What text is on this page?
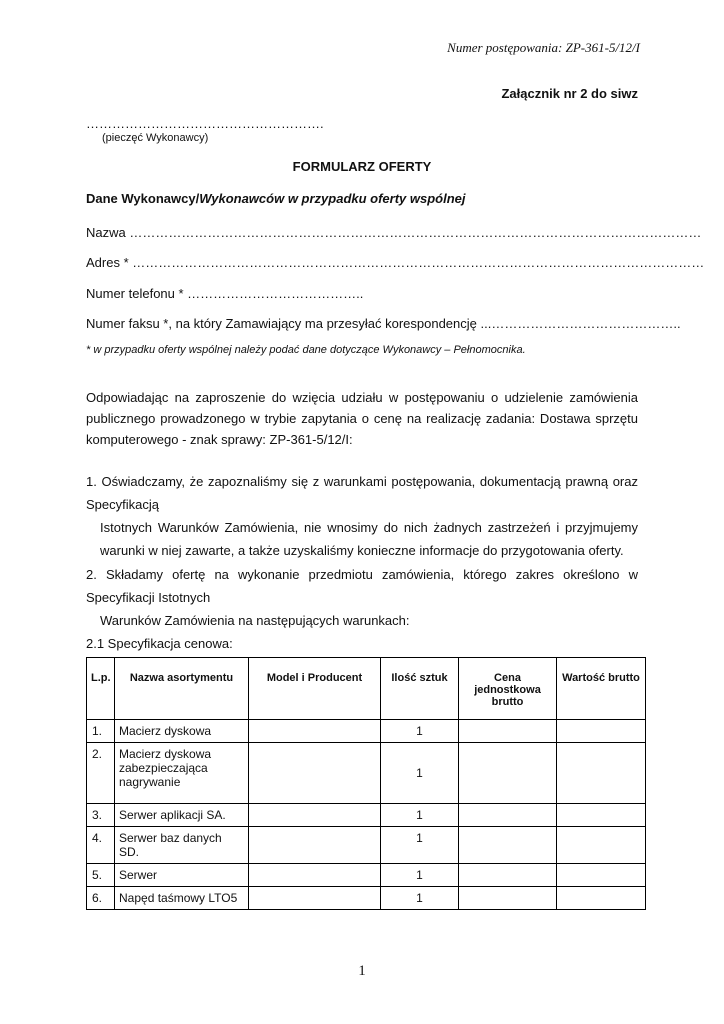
Numer postępowania: ZP-361-5/12/I
Załącznik nr 2 do siwz
……………………………………………….
(pieczęć Wykonawcy)
FORMULARZ OFERTY
Dane Wykonawcy/Wykonawców w przypadku oferty wspólnej
Nazwa ……………………………………………………………………………………………………………………
Adres * ……………………………………………………………………………………………………………………
Numer telefonu * …………………………………..
Numer faksu *, na który Zamawiający ma przesyłać korespondencję ...……………………………………..
* w przypadku oferty wspólnej należy podać dane dotyczące Wykonawcy – Pełnomocnika.
Odpowiadając na zaproszenie do wzięcia udziału w postępowaniu o udzielenie zamówienia publicznego prowadzonego w trybie zapytania o cenę na realizację zadania: Dostawa sprzętu komputerowego - znak sprawy: ZP-361-5/12/I:
1. Oświadczamy, że zapoznaliśmy się z warunkami postępowania, dokumentacją prawną oraz Specyfikacją
Istotnych Warunków Zamówienia, nie wnosimy do nich żadnych zastrzeżeń i przyjmujemy warunki w niej zawarte, a także uzyskaliśmy konieczne informacje do przygotowania oferty.
2. Składamy ofertę na wykonanie przedmiotu zamówienia, którego zakres określono w Specyfikacji Istotnych
Warunków Zamówienia na następujących warunkach:
2.1 Specyfikacja cenowa:
L.p.	Nazwa asortymentu	Model i Producent	Ilość sztuk	Cena jednostkowa brutto	Wartość brutto
1.	Macierz dyskowa		1		
2.	Macierz dyskowa zabezpieczająca nagrywanie		1		
3.	Serwer aplikacji SA.		1		
4.	Serwer baz danych SD.		1		
5.	Serwer		1		
6.	Napęd taśmowy LTO5		1		
1
